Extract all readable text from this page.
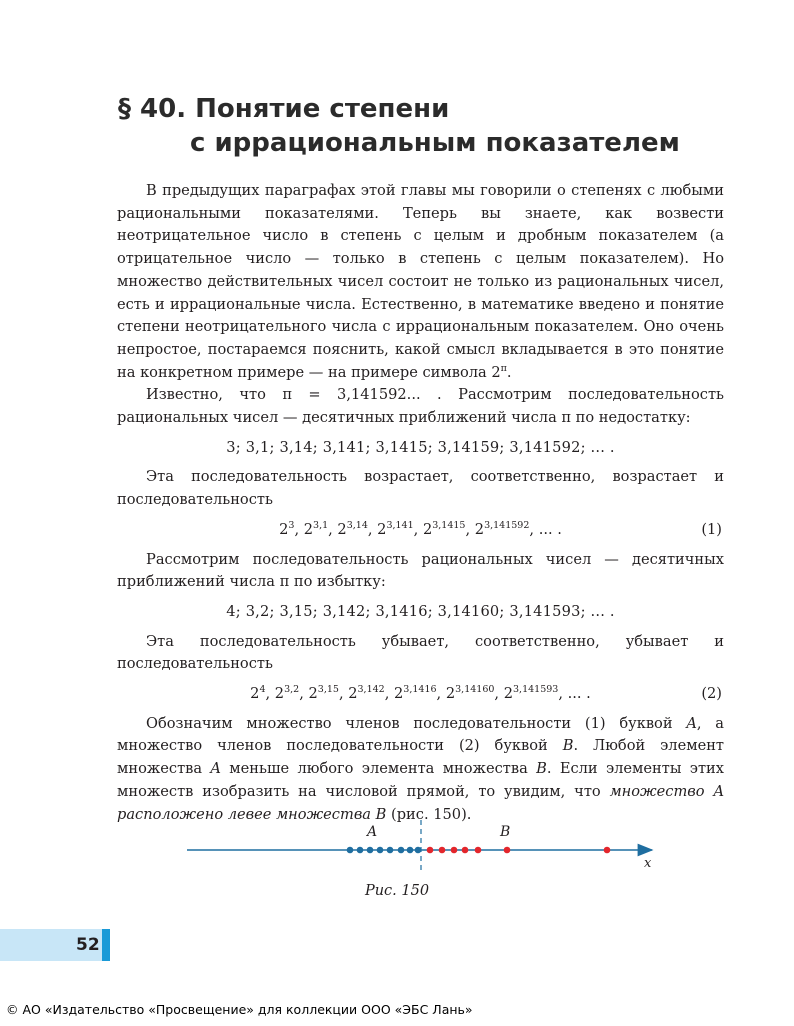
§ 40. Понятие степени
с иррациональным показателем

В предыдущих параграфах этой главы мы говорили о степенях с любыми рациональными показателями. Теперь вы знаете, как возвести неотрицательное число в степень с целым и дробным показателем (а отрицательное число — только в степень с целым показателем). Но множество действительных чисел состоит не только из рациональных чисел, есть и иррациональные числа. Естественно, в математике введено и понятие степени неотрицательного числа с иррациональным показателем. Оно очень непростое, постараемся пояснить, какой смысл вкладывается в это понятие на конкретном примере — на примере символа $2^\pi$.

Известно, что π = 3,141592... . Рассмотрим последовательность рациональных чисел — десятичных приближений числа π по недостатку:

3; 3,1; 3,14; 3,141; 3,1415; 3,14159; 3,141592; ... .

Эта последовательность возрастает, соответственно, возрастает и последовательность

$2^3$, 2$^{3,1}$, 2$^{3,14}$, 2$^{3,141}$, $2^{3,1415}$, $2^{3,141592}$, ... .	(1)

Рассмотрим последовательность рациональных чисел — десятичных приближений числа π по избытку:

4; 3,2; 3,15; 3,142; 3,1416; 3,14160; 3,141593; ... .

Эта последовательность убывает, соответственно, убывает и последовательность

$2^4$, 2$^{3,2}$, 2$^{3,15}$, 2$^{3,142}$, $2^{3,1416}$, $2^{3,14160}$, $2^{3,141593}$, ... .	(2)

Обозначим множество членов последовательности (1) буквой A, а множество членов последовательности (2) буквой B. Любой элемент множества A меньше любого элемента множества B. Если элементы этих множеств изобразить на числовой прямой, то увидим, что множество A расположено левее множества B (рис. 150).

A	B
x
Рис. 150
52
© АО «Издательство «Просвещение» для коллекции ООО «ЭБС Лань»
